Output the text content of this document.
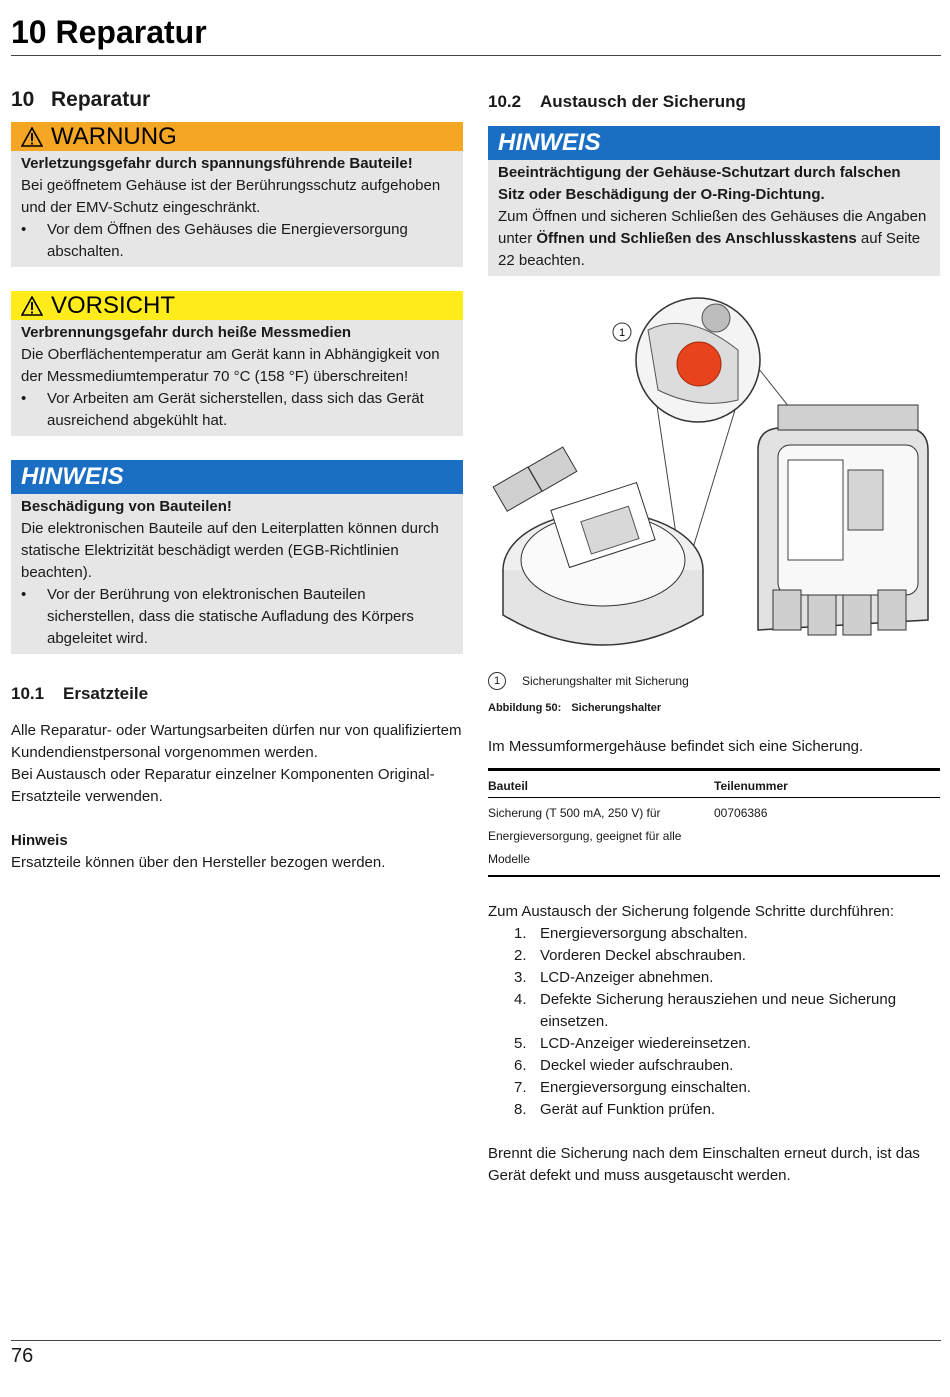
10 Reparatur
10 Reparatur
WARNUNG
Verletzungsgefahr durch spannungsführende Bauteile!
Bei geöffnetem Gehäuse ist der Berührungsschutz aufgehoben und der EMV-Schutz eingeschränkt.
•	Vor dem Öffnen des Gehäuses die Energieversorgung abschalten.
VORSICHT
Verbrennungsgefahr durch heiße Messmedien
Die Oberflächentemperatur am Gerät kann in Abhängigkeit von der Messmediumtemperatur 70 °C (158 °F) überschreiten!
•	Vor Arbeiten am Gerät sicherstellen, dass sich das Gerät ausreichend abgekühlt hat.
HINWEIS
Beschädigung von Bauteilen!
Die elektronischen Bauteile auf den Leiterplatten können durch statische Elektrizität beschädigt werden (EGB-Richtlinien beachten).
•	Vor der Berührung von elektronischen Bauteilen sicherstellen, dass die statische Aufladung des Körpers abgeleitet wird.
10.1 Ersatzteile

Alle Reparatur- oder Wartungsarbeiten dürfen nur von qualifiziertem Kundendienstpersonal vorgenommen werden.

Bei Austausch oder Reparatur einzelner Komponenten Original-Ersatzteile verwenden.

Hinweis

Ersatzteile können über den Hersteller bezogen werden.

10.2 Austausch der Sicherung
HINWEIS
Beeinträchtigung der Gehäuse-Schutzart durch falschen Sitz oder Beschädigung der O-Ring-Dichtung.
Zum Öffnen und sicheren Schließen des Gehäuses die Angaben unter Öffnen und Schließen des Anschlusskastens auf Seite 22 beachten.
1
1	Sicherungshalter mit Sicherung
Abbildung 50: Sicherungshalter

Im Messumformergehäuse befindet sich eine Sicherung.

Bauteil	Teilenummer
Sicherung (T 500 mA, 250 V) für Energieversorgung, geeignet für alle Modelle	00706386

Zum Austausch der Sicherung folgende Schritte durchführen:

1. Energieversorgung abschalten.
2. Vorderen Deckel abschrauben.
3. LCD-Anzeiger abnehmen.
4. Defekte Sicherung herausziehen und neue Sicherung einsetzen.
5. LCD-Anzeiger wiedereinsetzen.
6. Deckel wieder aufschrauben.
7. Energieversorgung einschalten.
8. Gerät auf Funktion prüfen.

Brennt die Sicherung nach dem Einschalten erneut durch, ist das Gerät defekt und muss ausgetauscht werden.

76
